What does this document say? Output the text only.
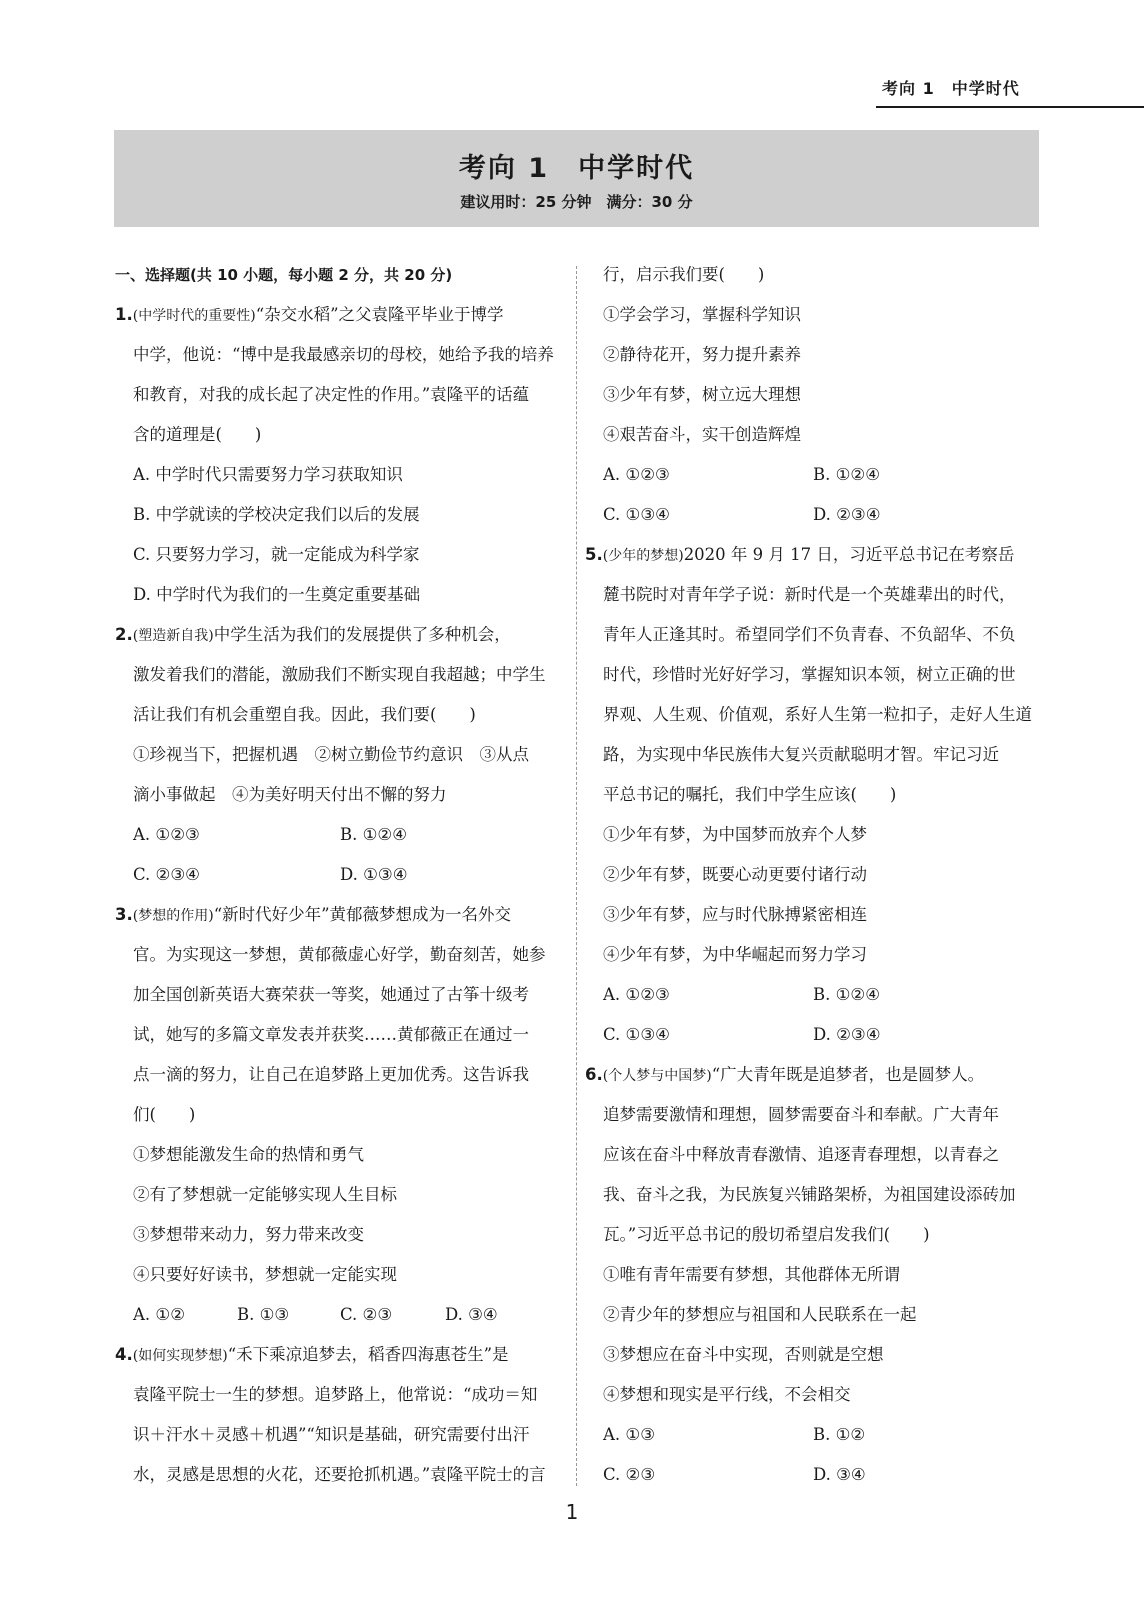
考向 1　中学时代
考向 1　中学时代
建议用时：25 分钟　满分：30 分
一、选择题(共 10 小题，每小题 2 分，共 20 分)
1.(中学时代的重要性)“杂交水稻”之父袁隆平毕业于博学
中学，他说：“博中是我最感亲切的母校，她给予我的培养
和教育，对我的成长起了决定性的作用。”袁隆平的话蕴
含的道理是(　　)
A. 中学时代只需要努力学习获取知识
B. 中学就读的学校决定我们以后的发展
C. 只要努力学习，就一定能成为科学家
D. 中学时代为我们的一生奠定重要基础
2.(塑造新自我)中学生活为我们的发展提供了多种机会，
激发着我们的潜能，激励我们不断实现自我超越；中学生
活让我们有机会重塑自我。因此，我们要(　　)
①珍视当下，把握机遇　②树立勤俭节约意识　③从点
滴小事做起　④为美好明天付出不懈的努力
A. ①②③	B. ①②④
C. ②③④	D. ①③④
3.(梦想的作用)“新时代好少年”黄郁薇梦想成为一名外交
官。为实现这一梦想，黄郁薇虚心好学，勤奋刻苦，她参
加全国创新英语大赛荣获一等奖，她通过了古筝十级考
试，她写的多篇文章发表并获奖……黄郁薇正在通过一
点一滴的努力，让自己在追梦路上更加优秀。这告诉我
们(　　)
①梦想能激发生命的热情和勇气
②有了梦想就一定能够实现人生目标
③梦想带来动力，努力带来改变
④只要好好读书，梦想就一定能实现
A. ①②	B. ①③	C. ②③	D. ③④
4.(如何实现梦想)“禾下乘凉追梦去，稻香四海惠苍生”是
袁隆平院士一生的梦想。追梦路上，他常说：“成功＝知
识＋汗水＋灵感＋机遇”“知识是基础，研究需要付出汗
水，灵感是思想的火花，还要抢抓机遇。”袁隆平院士的言
行，启示我们要(　　)
①学会学习，掌握科学知识
②静待花开，努力提升素养
③少年有梦，树立远大理想
④艰苦奋斗，实干创造辉煌
A. ①②③	B. ①②④
C. ①③④	D. ②③④
5.(少年的梦想)2020 年 9 月 17 日，习近平总书记在考察岳
麓书院时对青年学子说：新时代是一个英雄辈出的时代，
青年人正逢其时。希望同学们不负青春、不负韶华、不负
时代，珍惜时光好好学习，掌握知识本领，树立正确的世
界观、人生观、价值观，系好人生第一粒扣子，走好人生道
路，为实现中华民族伟大复兴贡献聪明才智。牢记习近
平总书记的嘱托，我们中学生应该(　　)
①少年有梦，为中国梦而放弃个人梦
②少年有梦，既要心动更要付诸行动
③少年有梦，应与时代脉搏紧密相连
④少年有梦，为中华崛起而努力学习
A. ①②③	B. ①②④
C. ①③④	D. ②③④
6.(个人梦与中国梦)“广大青年既是追梦者，也是圆梦人。
追梦需要激情和理想，圆梦需要奋斗和奉献。广大青年
应该在奋斗中释放青春激情、追逐青春理想，以青春之
我、奋斗之我，为民族复兴铺路架桥，为祖国建设添砖加
瓦。”习近平总书记的殷切希望启发我们(　　)
①唯有青年需要有梦想，其他群体无所谓
②青少年的梦想应与祖国和人民联系在一起
③梦想应在奋斗中实现，否则就是空想
④梦想和现实是平行线，不会相交
A. ①③	B. ①②
C. ②③	D. ③④
1
